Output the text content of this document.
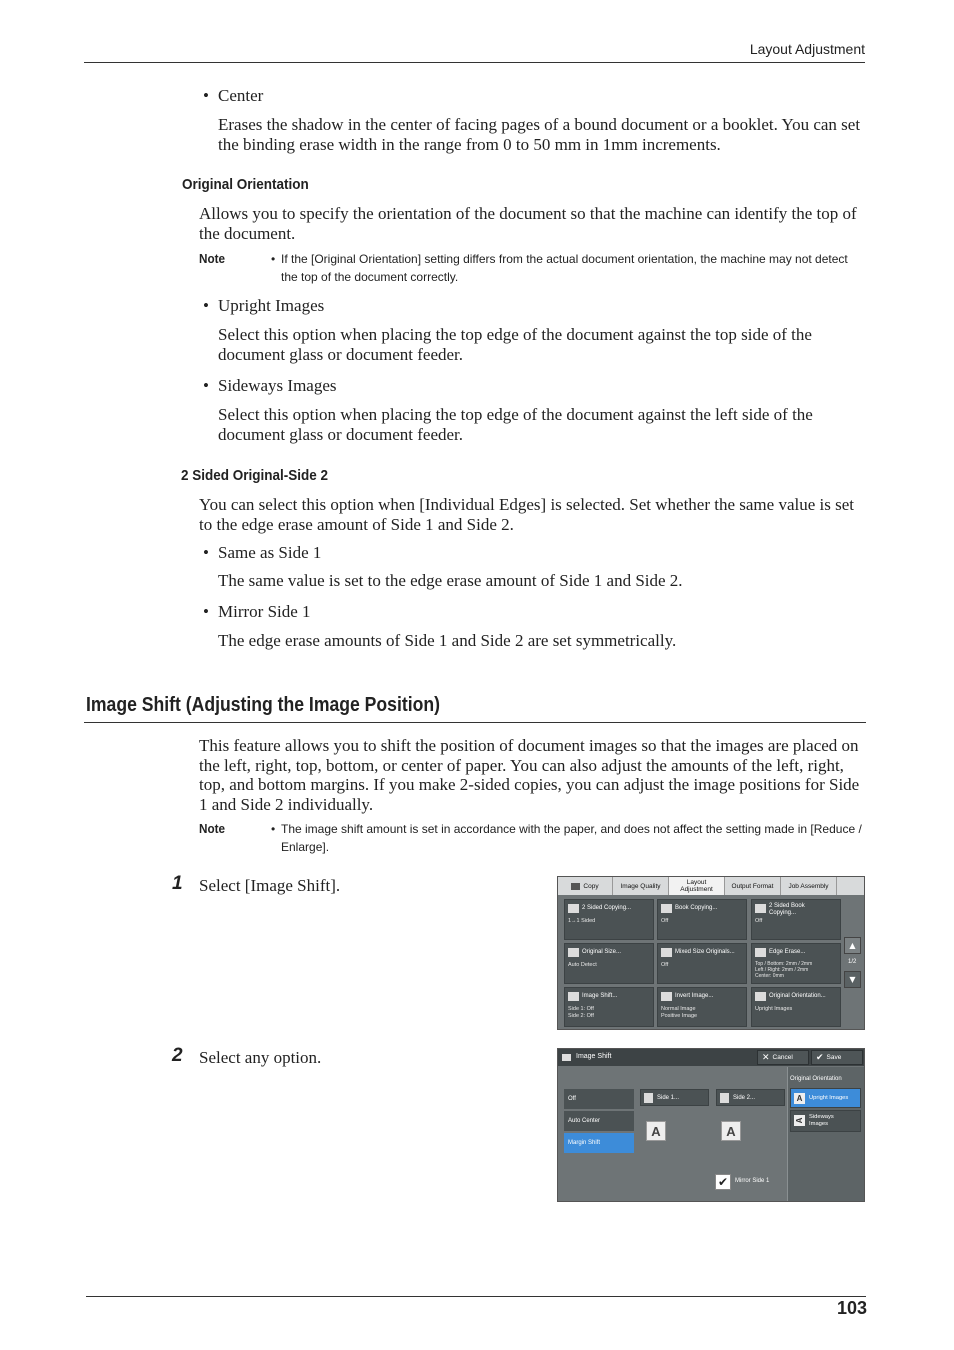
Layout Adjustment
• Center
Erases the shadow in the center of facing pages of a bound document or a booklet. You can set the binding erase width in the range from 0 to 50 mm in 1mm increments.
Original Orientation
Allows you to specify the orientation of the document so that the machine can identify the top of the document.
Note	• If the [Original Orientation] setting differs from the actual document orientation, the machine may not detect the top of the document correctly.
• Upright Images
Select this option when placing the top edge of the document against the top side of the document glass or document feeder.
• Sideways Images
Select this option when placing the top edge of the document against the left side of the document glass or document feeder.
2 Sided Original-Side 2
You can select this option when [Individual Edges] is selected. Set whether the same value is set to the edge erase amount of Side 1 and Side 2.
• Same as Side 1
The same value is set to the edge erase amount of Side 1 and Side 2.
• Mirror Side 1
The edge erase amounts of Side 1 and Side 2 are set symmetrically.
Image Shift (Adjusting the Image Position)
This feature allows you to shift the position of document images so that the images are placed on the left, right, top, bottom, or center of paper. You can also adjust the amounts of the left, right, top, and bottom margins. If you make 2-sided copies, you can adjust the image positions for Side 1 and Side 2 individually.
Note	• The image shift amount is set in accordance with the paper, and does not affect the setting made in [Reduce / Enlarge].
1 Select [Image Shift].
2 Select any option.
Copy	Image Quality	Layout Adjustment	Output Format Job Assembly
2 Sided Copying...
1→1 Sided
Book Copying...
Off
2 Sided Book Copying...
Off
Original Size...
Auto Detect
Mixed Size Originals...
Off
Edge Erase...
Top / Bottom: 2mm / 2mm
Left / Right: 2mm / 2mm
Center: 0mm
Image Shift...
Side 1: Off
Side 2: Off
Invert Image...
Normal Image
Positive Image
Original Orientation...
Upright Images
▲
1/2
▼
Image Shift	✕ Cancel	✔ Save
Off
Auto Center
Margin Shift
Side 1...	Side 2...
A	A
✔ Mirror Side 1
Original Orientation
A	Upright Images
A
Sideways Images
103
